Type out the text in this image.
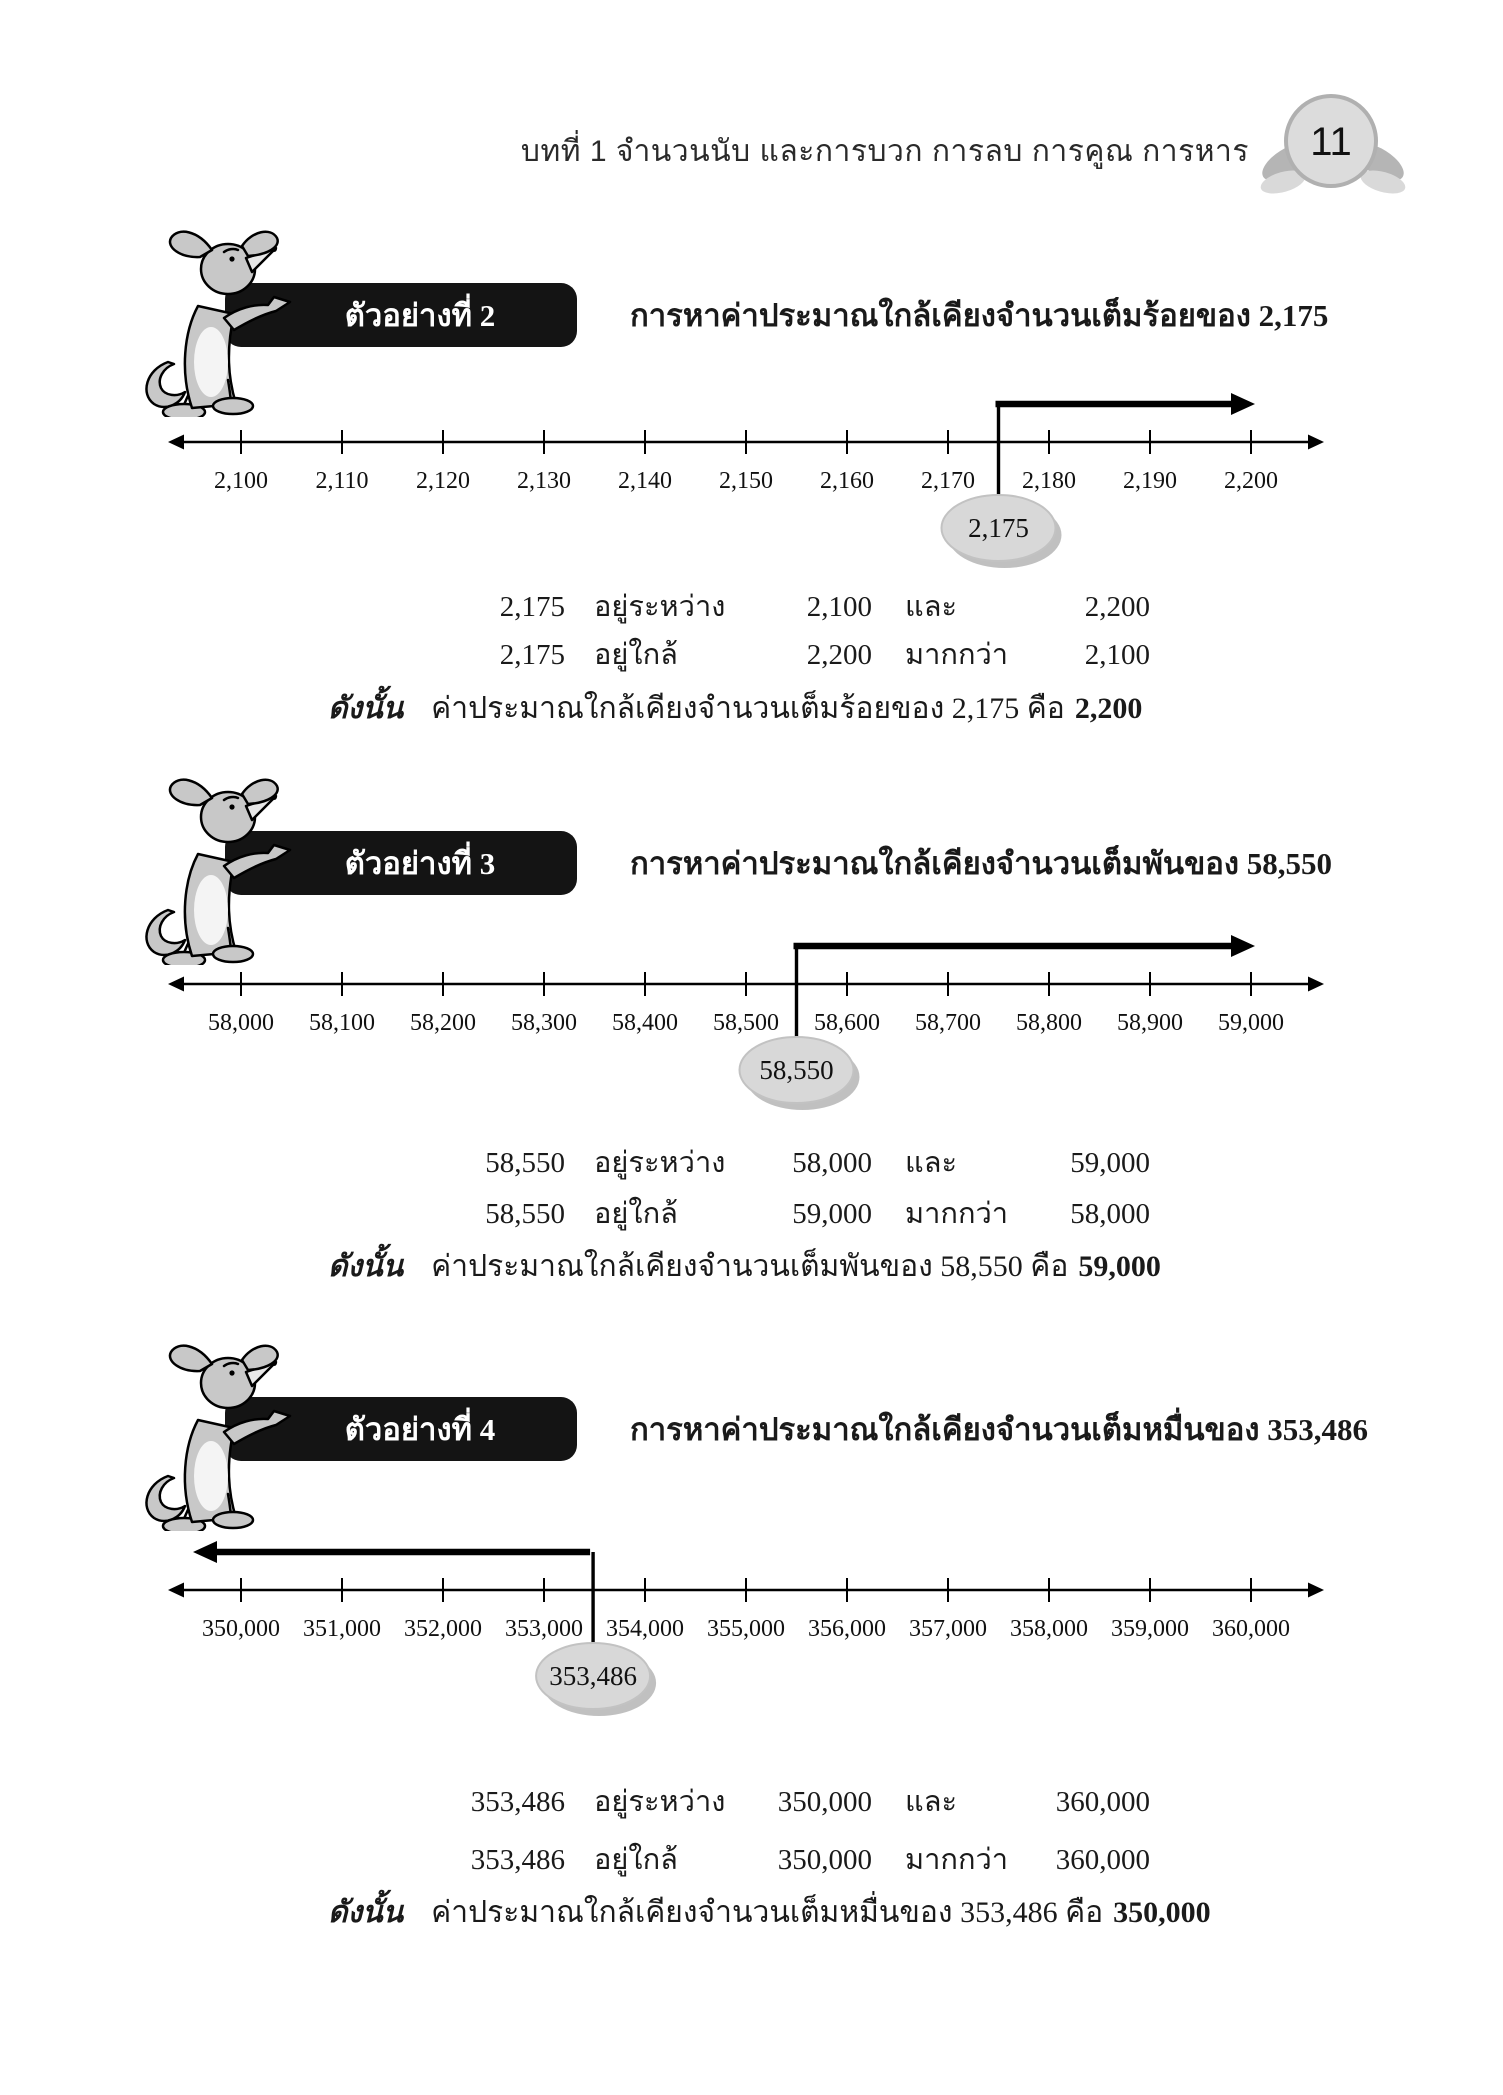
บทที่ 1 จำนวนนับ และการบวก การลบ การคูณ การหาร 11
ตัวอย่างที่ 2	การหาค่าประมาณใกล้เคียงจำนวนเต็มร้อยของ 2,175
2,100 2,110 2,120 2,130 2,140 2,150 2,160 2,170 2,180 2,190 2,200
2,175
2,175 อยู่ระหว่าง	2,100 และ	2,200
2,175 อยู่ใกล้	2,200 มากกว่า	2,100
ดังนั้น ค่าประมาณใกล้เคียงจำนวนเต็มร้อยของ 2,175 คือ 2,200
ตัวอย่างที่ 3	การหาค่าประมาณใกล้เคียงจำนวนเต็มพันของ 58,550
58,000 58,100 58,200 58,300 58,400 58,500 58,600 58,700 58,800 58,900 59,000
58,550
58,550 อยู่ระหว่าง	58,000 และ	59,000
58,550 อยู่ใกล้	59,000 มากกว่า	58,000
ดังนั้น ค่าประมาณใกล้เคียงจำนวนเต็มพันของ 58,550 คือ 59,000
ตัวอย่างที่ 4	การหาค่าประมาณใกล้เคียงจำนวนเต็มหมื่นของ 353,486
350,000 351,000 352,000 353,000 354,000 355,000 356,000 357,000 358,000 359,000 360,000
353,486
353,486 อยู่ระหว่าง	350,000 และ	360,000
353,486 อยู่ใกล้	350,000 มากกว่า	360,000
ดังนั้น ค่าประมาณใกล้เคียงจำนวนเต็มหมื่นของ 353,486 คือ 350,000
